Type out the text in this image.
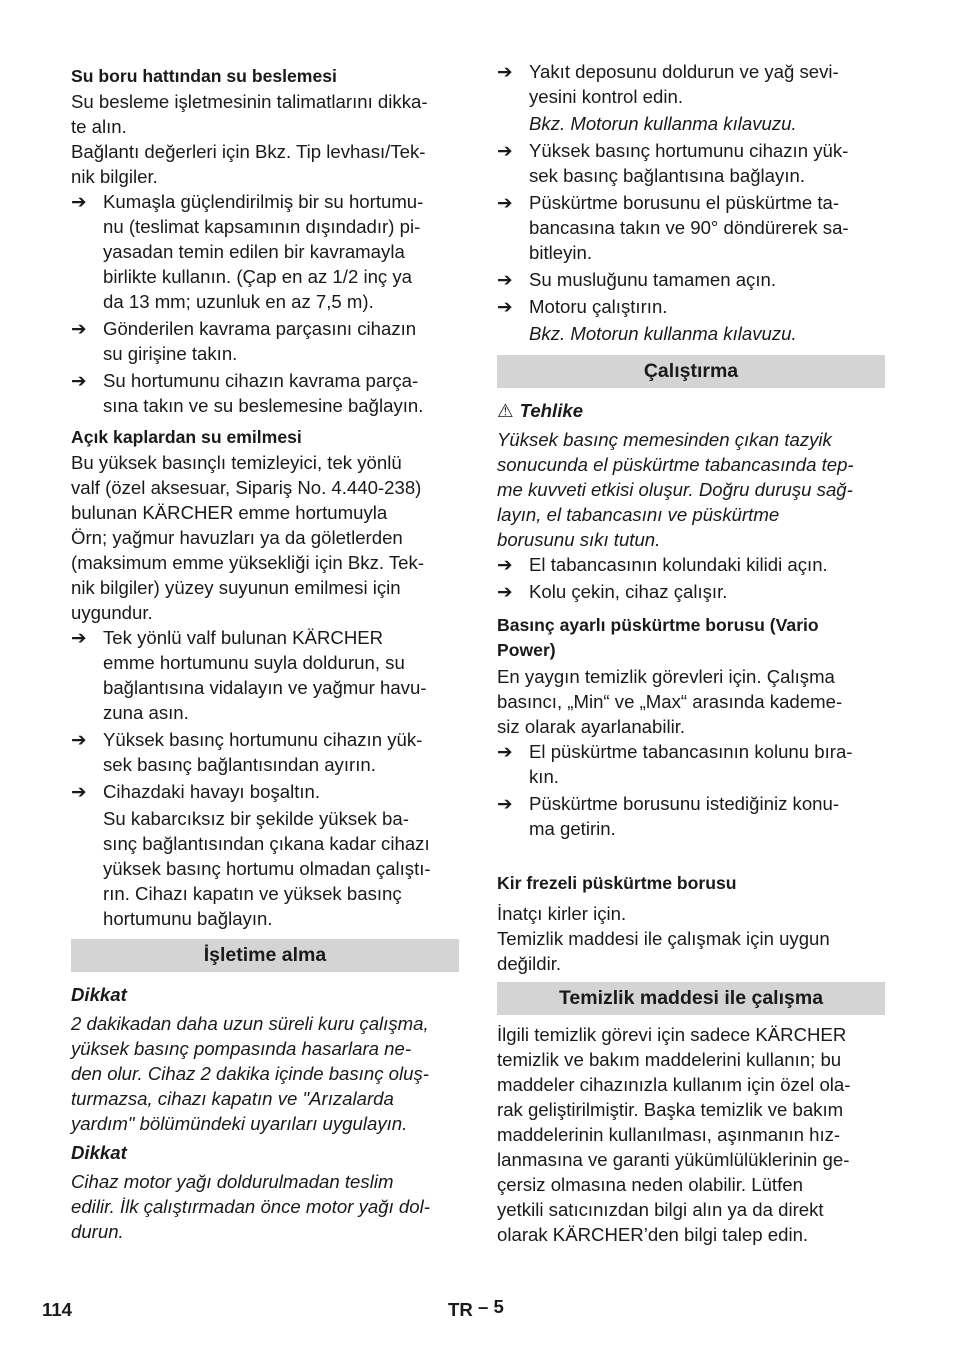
Su boru hattından su beslemesi
Su besleme işletmesinin talimatlarını dikka-
te alın.
Bağlantı değerleri için Bkz. Tip levhası/Tek-
nik bilgiler.
➔ Kumaşla güçlendirilmiş bir su hortumu-
nu (teslimat kapsamının dışındadır) pi-
yasadan temin edilen bir kavramayla
birlikte kullanın. (Çap en az 1/2 inç ya
da 13 mm; uzunluk en az 7,5 m).
➔ Gönderilen kavrama parçasını cihazın
su girişine takın.
➔ Su hortumunu cihazın kavrama parça-
sına takın ve su beslemesine bağlayın.
Açık kaplardan su emilmesi
Bu yüksek basınçlı temizleyici, tek yönlü
valf (özel aksesuar, Sipariş No. 4.440-238)
bulunan KÄRCHER emme hortumuyla
Örn; yağmur havuzları ya da göletlerden
(maksimum emme yüksekliği için Bkz. Tek-
nik bilgiler) yüzey suyunun emilmesi için
uygundur.
➔ Tek yönlü valf bulunan KÄRCHER
emme hortumunu suyla doldurun, su
bağlantısına vidalayın ve yağmur havu-
zuna asın.
➔ Yüksek basınç hortumunu cihazın yük-
sek basınç bağlantısından ayırın.
➔ Cihazdaki havayı boşaltın.
Su kabarcıksız bir şekilde yüksek ba-
sınç bağlantısından çıkana kadar cihazı
yüksek basınç hortumu olmadan çalıştı-
rın. Cihazı kapatın ve yüksek basınç
hortumunu bağlayın.
İşletime alma
Dikkat
2 dakikadan daha uzun süreli kuru çalışma,
yüksek basınç pompasında hasarlara ne-
den olur. Cihaz 2 dakika içinde basınç oluş-
turmazsa, cihazı kapatın ve "Arızalarda
yardım" bölümündeki uyarıları uygulayın.
Dikkat
Cihaz motor yağı doldurulmadan teslim
edilir. İlk çalıştırmadan önce motor yağı dol-
durun.
➔ Yakıt deposunu doldurun ve yağ sevi-
yesini kontrol edin.
Bkz. Motorun kullanma kılavuzu.
➔ Yüksek basınç hortumunu cihazın yük-
sek basınç bağlantısına bağlayın.
➔ Püskürtme borusunu el püskürtme ta-
bancasına takın ve 90° döndürerek sa-
bitleyin.
➔ Su musluğunu tamamen açın.
➔ Motoru çalıştırın.
Bkz. Motorun kullanma kılavuzu.
Çalıştırma
⚠ Tehlike
Yüksek basınç memesinden çıkan tazyik
sonucunda el püskürtme tabancasında tep-
me kuvveti etkisi oluşur. Doğru duruşu sağ-
layın, el tabancasını ve püskürtme
borusunu sıkı tutun.
➔ El tabancasının kolundaki kilidi açın.
➔ Kolu çekin, cihaz çalışır.
Basınç ayarlı püskürtme borusu (Vario
Power)
En yaygın temizlik görevleri için. Çalışma
basıncı, „Min“ ve „Max“ arasında kademe-
siz olarak ayarlanabilir.
➔ El püskürtme tabancasının kolunu bıra-
kın.
➔ Püskürtme borusunu istediğiniz konu-
ma getirin.
Kir frezeli püskürtme borusu
İnatçı kirler için.
Temizlik maddesi ile çalışmak için uygun
değildir.
Temizlik maddesi ile çalışma
İlgili temizlik görevi için sadece KÄRCHER
temizlik ve bakım maddelerini kullanın; bu
maddeler cihazınızla kullanım için özel ola-
rak geliştirilmiştir. Başka temizlik ve bakım
maddelerinin kullanılması, aşınmanın hız-
lanmasına ve garanti yükümlülüklerinin ge-
çersiz olmasına neden olabilir. Lütfen
yetkili satıcınızdan bilgi alın ya da direkt
olarak KÄRCHER’den bilgi talep edin.
114	TR – 5
